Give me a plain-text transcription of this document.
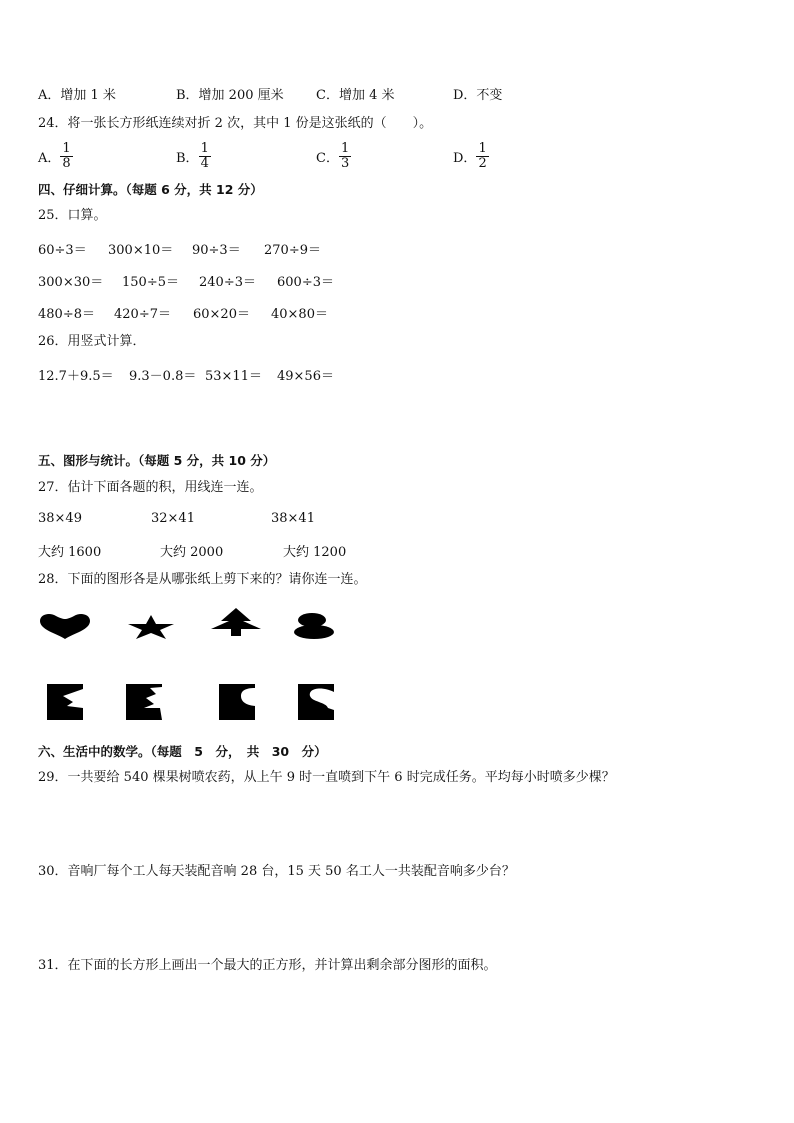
A．增加 1 米	B．增加 200 厘米 C．增加 4 米	D．不变
24．将一张长方形纸连续对折 2 次，其中 1 份是这张纸的（　　）。
A． $\frac{1}{8}$	B． $\frac{1}{4}$	C． $\frac{1}{3}$	D． $\frac{1}{2}$
四、仔细计算。（每题 6 分，共 12 分）
25．口算。
60÷3＝ 300×10＝ 90÷3＝ 270÷9＝
300×30＝ 150÷5＝ 240÷3＝ 600÷3＝
480÷8＝ 420÷7＝ 60×20＝ 40×80＝
26．用竖式计算．
12.7＋9.5＝ 9.3－0.8＝ 53×11＝ 49×56＝
五、图形与统计。（每题 5 分，共 10 分）
27．估计下面各题的积，用线连一连。
38×49	32×41	38×41
大约 1600	大约 2000	大约 1200
28．下面的图形各是从哪张纸上剪下来的？请你连一连。
六、生活中的数学。（每题　5　分，　共　30　分）
29．一共要给 540 棵果树喷农药，从上午 9 时一直喷到下午 6 时完成任务。平均每小时喷多少棵？
30．音响厂每个工人每天装配音响 28 台，15 天 50 名工人一共装配音响多少台？
31．在下面的长方形上画出一个最大的正方形，并计算出剩余部分图形的面积。
